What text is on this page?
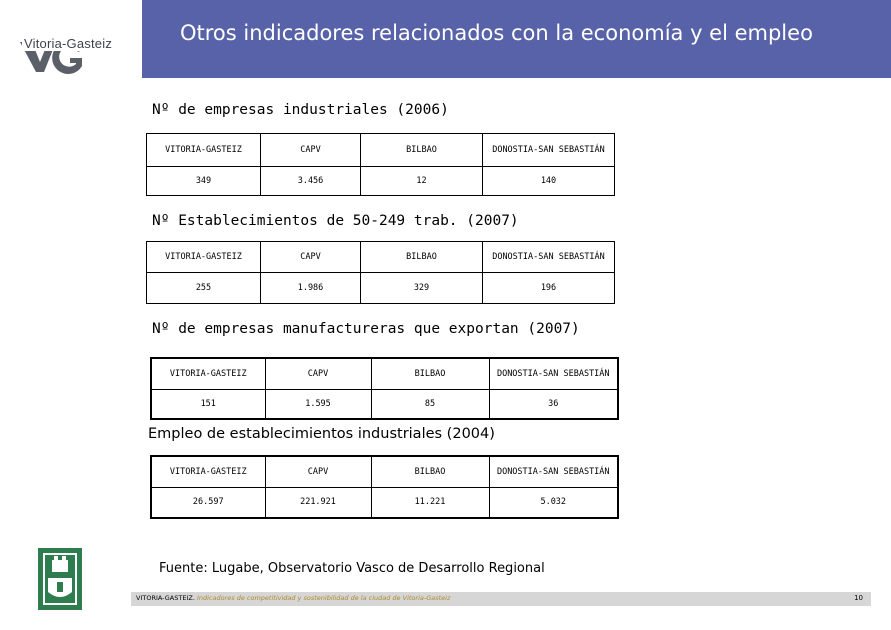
Vitoria-Gasteiz	Otros indicadores relacionados con la economía y el empleo
Nº de empresas industriales (2006)
VITORIA-GASTEIZ	CAPV	BILBAO	DONOSTIA-SAN SEBASTIÁN
349	3.456	12	140
Nº Establecimientos de 50-249 trab. (2007)
VITORIA-GASTEIZ	CAPV	BILBAO	DONOSTIA-SAN SEBASTIÁN
255	1.986	329	196
Nº de empresas manufactureras que exportan (2007)
VITORIA-GASTEIZ	CAPV	BILBAO	DONOSTIA-SAN SEBASTIÁN
151	1.595	85	36
Empleo de establecimientos industriales (2004)
VITORIA-GASTEIZ	CAPV	BILBAO	DONOSTIA-SAN SEBASTIÁN
26.597	221.921	11.221	5.032
Fuente: Lugabe, Observatorio Vasco de Desarrollo Regional
VITORIA-GASTEIZ. Indicadores de competitividad y sostenibilidad de la ciudad de Vitoria-Gasteiz	10
